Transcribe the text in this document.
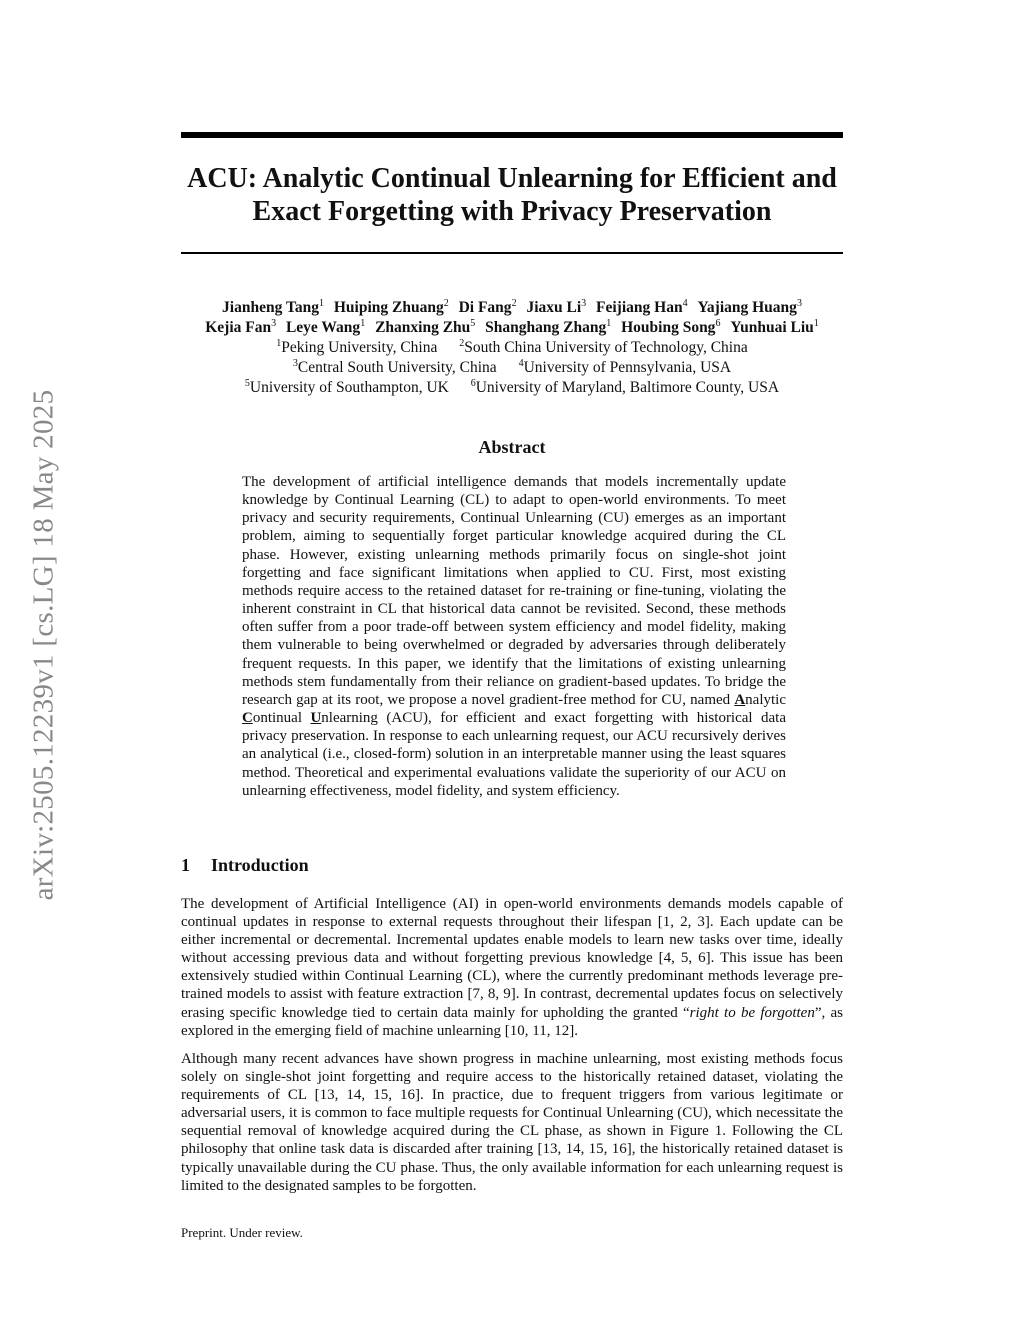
arXiv:2505.12239v1 [cs.LG] 18 May 2025
ACU: Analytic Continual Unlearning for Efficient and
Exact Forgetting with Privacy Preservation
Jianheng Tang$^1$ Huiping Zhuang$^2$ Di Fang$^2$ Jiaxu Li$^3$ Feijiang Han$^4$ Yajiang Huang$^3$
Kejia Fan$^3$ Leye Wang$^1$ Zhanxing Zhu$^5$ Shanghang Zhang$^1$ Houbing Song$^6$ Yunhuai Liu$^1$
$^1$Peking University, China $^2$South China University of Technology, China
$^3$Central South University, China $^4$University of Pennsylvania, USA
$^5$University of Southampton, UK $^6$University of Maryland, Baltimore County, USA
Abstract

The development of artificial intelligence demands that models incrementally update knowledge by Continual Learning (CL) to adapt to open-world environments. To meet privacy and security requirements, Continual Unlearning (CU) emerges as an important problem, aiming to sequentially forget particular knowledge acquired during the CL phase. However, existing unlearning methods primarily focus on single-shot joint forgetting and face significant limitations when applied to CU. First, most existing methods require access to the retained dataset for re-training or fine-tuning, violating the inherent constraint in CL that historical data cannot be revisited. Second, these methods often suffer from a poor trade-off between system efficiency and model fidelity, making them vulnerable to being overwhelmed or degraded by adversaries through deliberately frequent requests. In this paper, we identify that the limitations of existing unlearning methods stem fundamentally from their reliance on gradient-based updates. To bridge the research gap at its root, we propose a novel gradient-free method for CU, named Analytic Continual Unlearning (ACU), for efficient and exact forgetting with historical data privacy preservation. In response to each unlearning request, our ACU recursively derives an analytical (i.e., closed-form) solution in an interpretable manner using the least squares method. Theoretical and experimental evaluations validate the superiority of our ACU on unlearning effectiveness, model fidelity, and system efficiency.

1 Introduction

The development of Artificial Intelligence (AI) in open-world environments demands models capable of continual updates in response to external requests throughout their lifespan [1, 2, 3]. Each update can be either incremental or decremental. Incremental updates enable models to learn new tasks over time, ideally without accessing previous data and without forgetting previous knowledge [4, 5, 6]. This issue has been extensively studied within Continual Learning (CL), where the currently predominant methods leverage pre-trained models to assist with feature extraction [7, 8, 9]. In contrast, decremental updates focus on selectively erasing specific knowledge tied to certain data mainly for upholding the granted “right to be forgotten”, as explored in the emerging field of machine unlearning [10, 11, 12].

Although many recent advances have shown progress in machine unlearning, most existing methods focus solely on single-shot joint forgetting and require access to the historically retained dataset, violating the requirements of CL [13, 14, 15, 16]. In practice, due to frequent triggers from various legitimate or adversarial users, it is common to face multiple requests for Continual Unlearning (CU), which necessitate the sequential removal of knowledge acquired during the CL phase, as shown in Figure 1. Following the CL philosophy that online task data is discarded after training [13, 14, 15, 16], the historically retained dataset is typically unavailable during the CU phase. Thus, the only available information for each unlearning request is limited to the designated samples to be forgotten.

Preprint. Under review.
